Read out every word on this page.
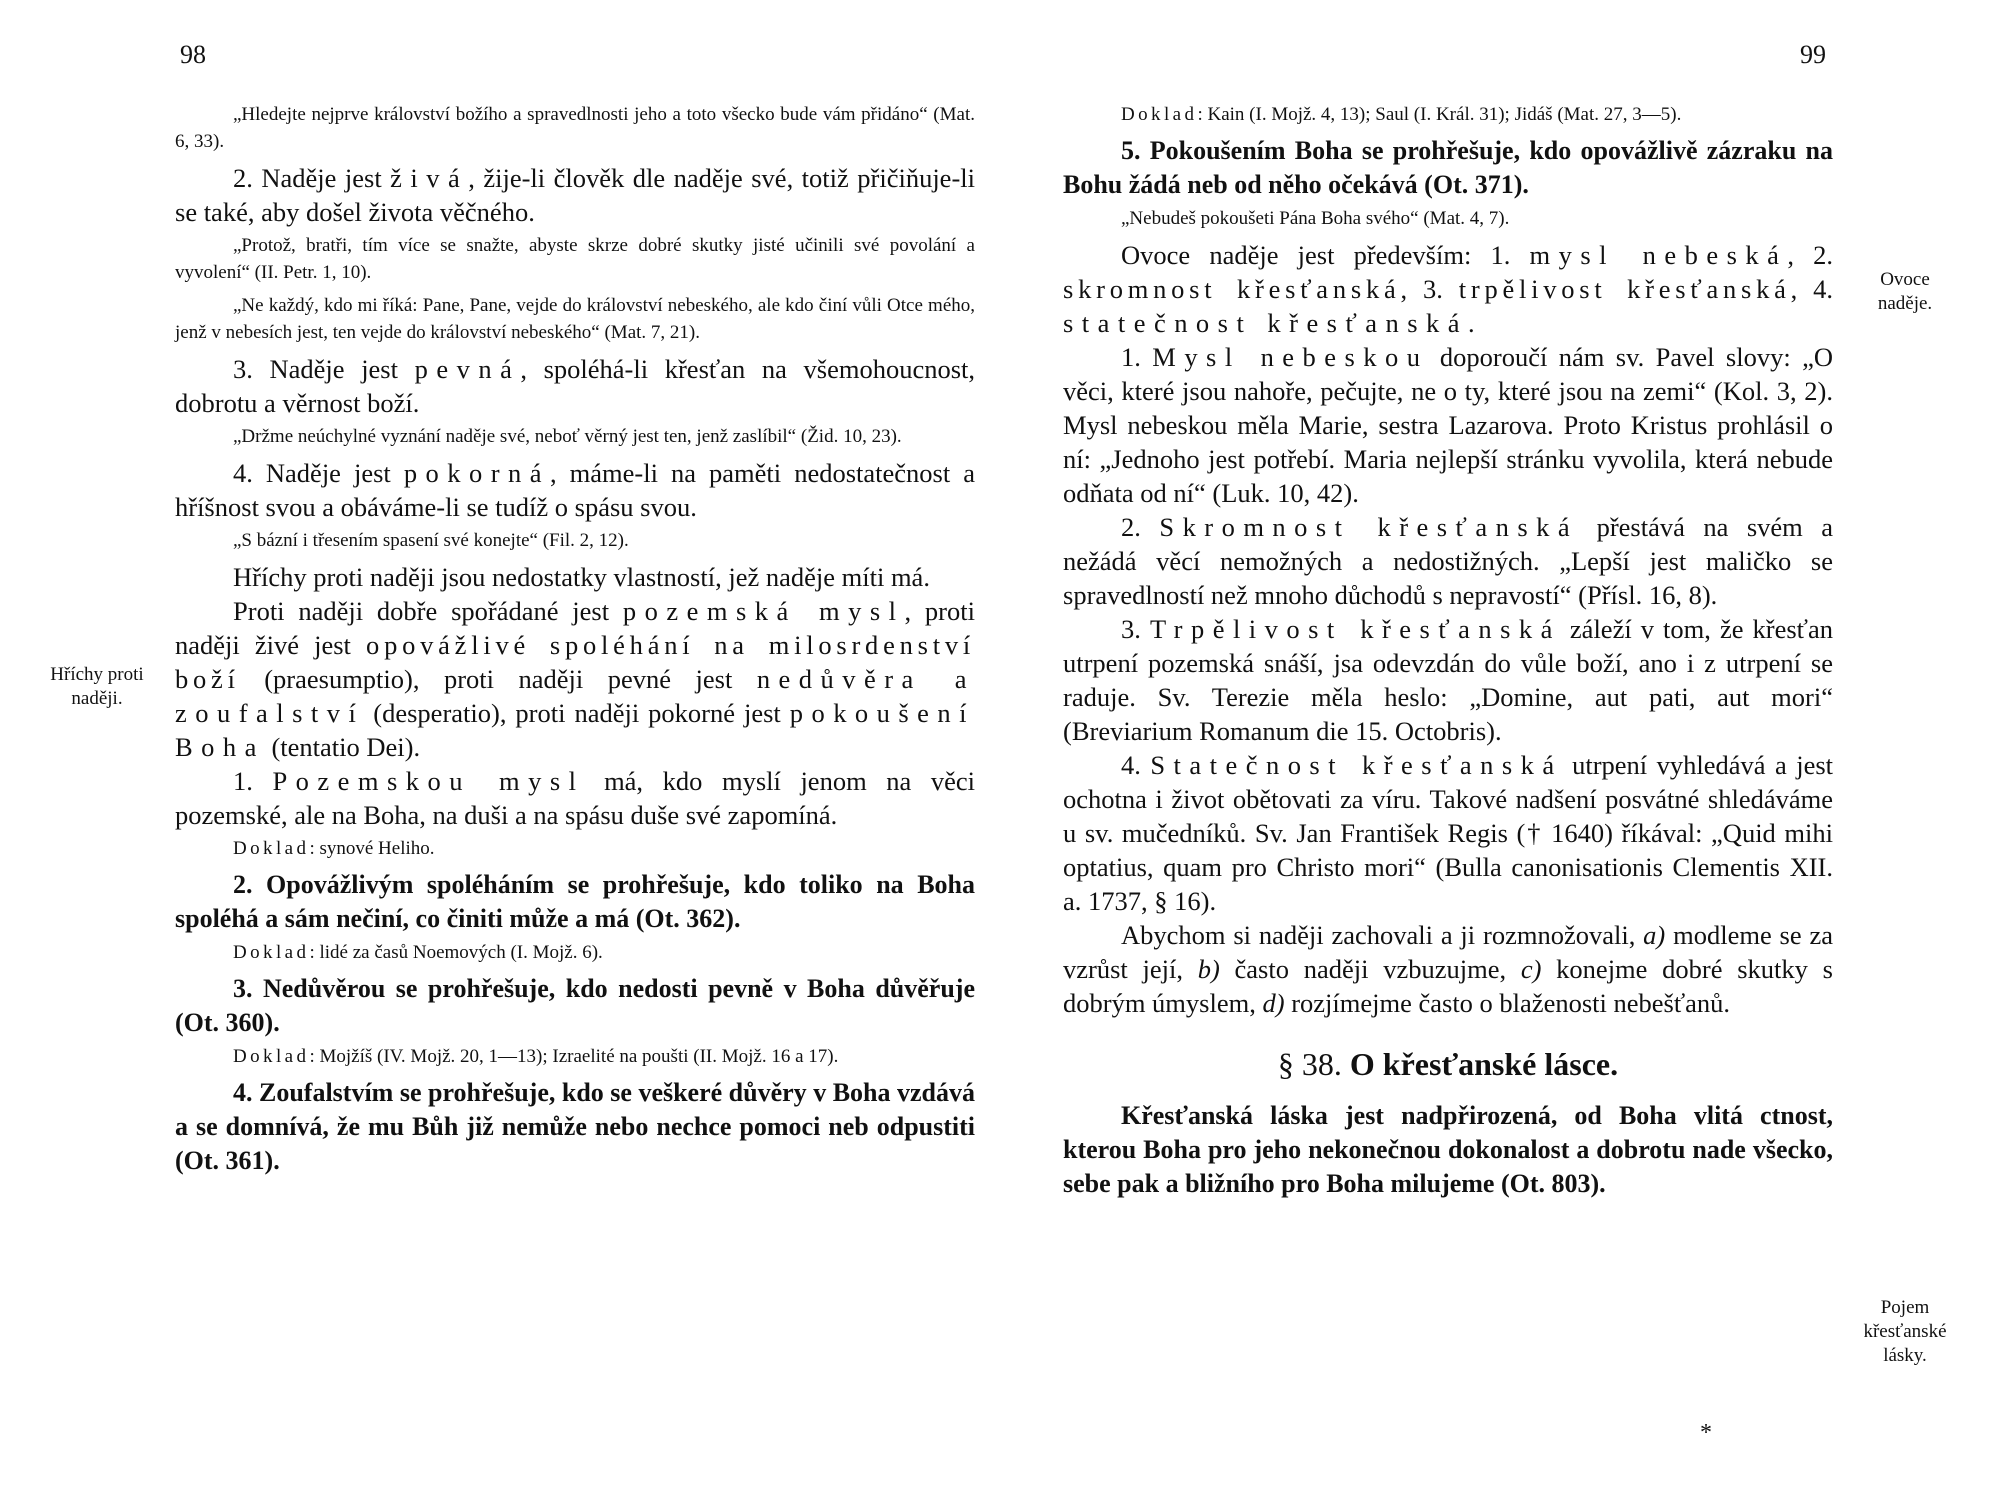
98
Hříchy proti
naději.

„Hledejte nejprve království božího a spravedlnosti jeho a toto všecko bude vám přidáno“ (Mat. 6, 33).

2. Naděje jest živá, žije-li člověk dle naděje své, totiž přičiňuje-li se také, aby došel života věčného.

„Protož, bratři, tím více se snažte, abyste skrze dobré skutky jisté učinili své povolání a vyvolení“ (II. Petr. 1, 10).

„Ne každý, kdo mi říká: Pane, Pane, vejde do království nebeského, ale kdo činí vůli Otce mého, jenž v nebesích jest, ten vejde do království nebeského“ (Mat. 7, 21).

3. Naděje jest pevná, spoléhá-li křesťan na všemohoucnost, dobrotu a věrnost boží.

„Držme neúchylné vyznání naděje své, neboť věrný jest ten, jenž zaslíbil“ (Žid. 10, 23).

4. Naděje jest pokorná, máme-li na paměti nedostatečnost a hříšnost svou a obáváme-li se tudíž o spásu svou.

„S bázní i třesením spasení své konejte“ (Fil. 2, 12).

Hříchy proti naději jsou nedostatky vlastností, jež naděje míti má.

Proti naději dobře spořádané jest pozemská mysl, proti naději živé jest opovážlivé spoléhání na milosrdenství boží (praesumptio), proti naději pevné jest nedůvěra a zoufalství (desperatio), proti naději pokorné jest pokoušení Boha (tentatio Dei).

1. Pozemskou mysl má, kdo myslí jenom na věci pozemské, ale na Boha, na duši a na spásu duše své zapomíná.

Doklad: synové Heliho.

2. Opovážlivým spoléháním se prohřešuje, kdo toliko na Boha spoléhá a sám nečiní, co činiti může a má (Ot. 362).

Doklad: lidé za časů Noemových (I. Mojž. 6).

3. Nedůvěrou se prohřešuje, kdo nedosti pevně v Boha důvěřuje (Ot. 360).

Doklad: Mojžíš (IV. Mojž. 20, 1—13); Izraelité na poušti (II. Mojž. 16 a 17).

4. Zoufalstvím se prohřešuje, kdo se veškeré důvěry v Boha vzdává a se domnívá, že mu Bůh již nemůže nebo nechce pomoci neb odpustiti (Ot. 361).

99
Ovoce
naděje.
Pojem
křesťanské
lásky.

Doklad: Kain (I. Mojž. 4, 13); Saul (I. Král. 31); Jidáš (Mat. 27, 3—5).

5. Pokoušením Boha se prohřešuje, kdo opovážlivě zázraku na Bohu žádá neb od něho očekává (Ot. 371).

„Nebudeš pokoušeti Pána Boha svého“ (Mat. 4, 7).

Ovoce naděje jest především: 1. mysl nebeská, 2. skromnost křesťanská, 3. trpělivost křesťanská, 4. statečnost křesťanská.

1. Mysl nebeskou doporoučí nám sv. Pavel slovy: „O věci, které jsou nahoře, pečujte, ne o ty, které jsou na zemi“ (Kol. 3, 2). Mysl nebeskou měla Marie, sestra Lazarova. Proto Kristus prohlásil o ní: „Jednoho jest potřebí. Maria nejlepší stránku vyvolila, která nebude odňata od ní“ (Luk. 10, 42).

2. Skromnost křesťanská přestává na svém a nežádá věcí nemožných a nedostižných. „Lepší jest maličko se spravedlností než mnoho důchodů s nepravostí“ (Přísl. 16, 8).

3. Trpělivost křesťanská záleží v tom, že křesťan utrpení pozemská snáší, jsa odevzdán do vůle boží, ano i z utrpení se raduje. Sv. Terezie měla heslo: „Domine, aut pati, aut mori“ (Breviarium Romanum die 15. Octobris).

4. Statečnost křesťanská utrpení vyhledává a jest ochotna i život obětovati za víru. Takové nadšení posvátné shledáváme u sv. mučedníků. Sv. Jan František Regis († 1640) říkával: „Quid mihi optatius, quam pro Christo mori“ (Bulla canonisationis Clementis XII. a. 1737, § 16).

Abychom si naději zachovali a ji rozmnožovali, a) modleme se za vzrůst její, b) často naději vzbuzujme, c) konejme dobré skutky s dobrým úmyslem, d) rozjímejme často o blaženosti nebešťanů.

§ 38. O křesťanské lásce.

Křesťanská láska jest nadpřirozená, od Boha vlitá ctnost, kterou Boha pro jeho nekonečnou dokonalost a dobrotu nade všecko, sebe pak a bližního pro Boha milujeme (Ot. 803).

*
